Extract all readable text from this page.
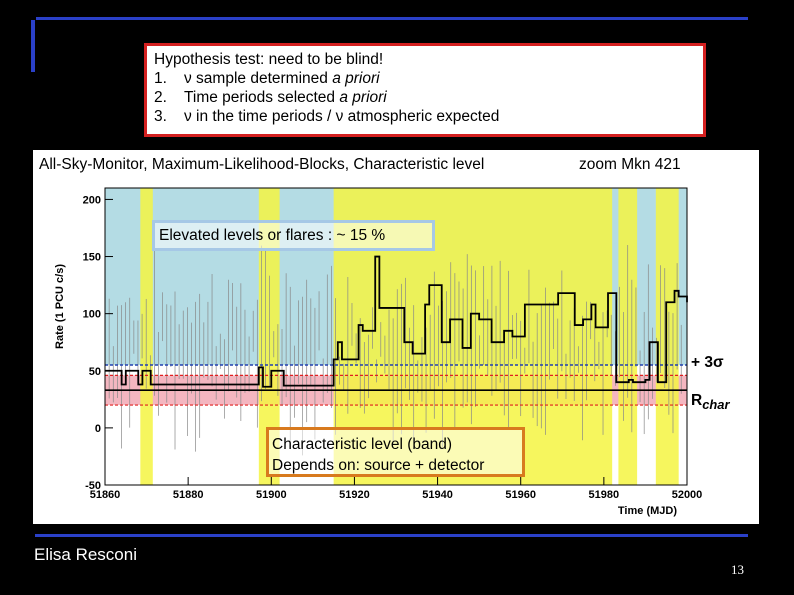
Hypothesis test: need to be blind!
1. ν sample determined a priori
2. Time periods selected a priori
3. ν in the time periods / ν atmospheric expected
All-Sky-Monitor, Maximum-Likelihood-Blocks, Characteristic level	zoom Mkn 421
-50
0
50
100
150
200
51860	51880	51900	51920	51940	51960	51980	52000
Time (MJD)
Rate (1 PCU c/s)
Elevated levels or flares : ~ 15 %
Characteristic level (band)
Depends on: source + detector
+ 3σ
$R_{char}$
Elisa Resconi
13
